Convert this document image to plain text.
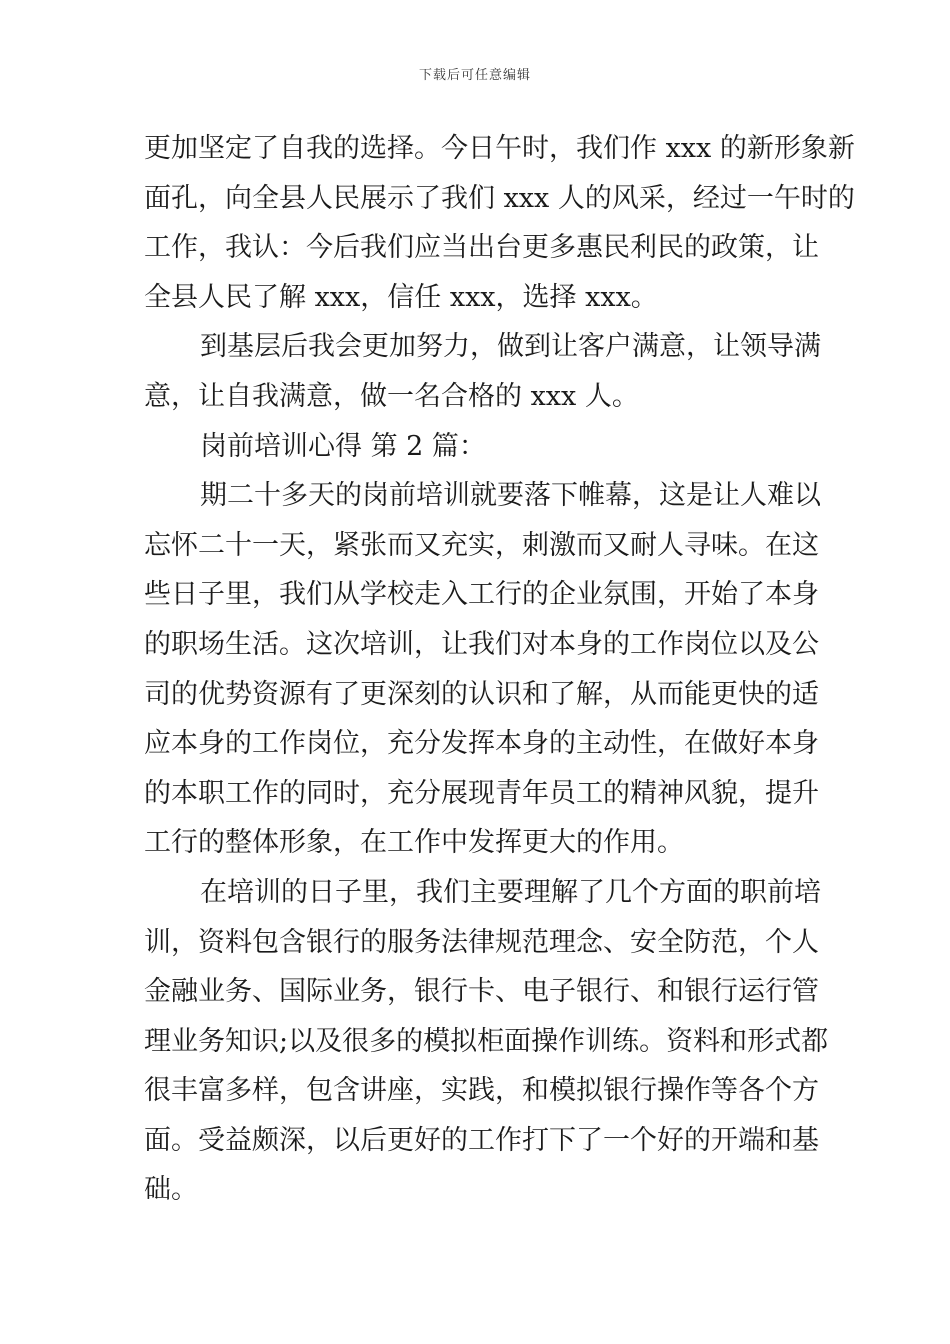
下载后可任意编辑
更加坚定了自我的选择。今日午时，我们作 xxx 的新形象新
面孔，向全县人民展示了我们 xxx 人的风采，经过一午时的
工作，我认：今后我们应当出台更多惠民利民的政策，让
全县人民了解 xxx，信任 xxx，选择 xxx。
到基层后我会更加努力，做到让客户满意，让领导满
意，让自我满意，做一名合格的 xxx 人。
岗前培训心得 第 2 篇：
期二十多天的岗前培训就要落下帷幕，这是让人难以
忘怀二十一天，紧张而又充实，刺激而又耐人寻味。在这
些日子里，我们从学校走入工行的企业氛围，开始了本身
的职场生活。这次培训，让我们对本身的工作岗位以及公
司的优势资源有了更深刻的认识和了解，从而能更快的适
应本身的工作岗位，充分发挥本身的主动性，在做好本身
的本职工作的同时，充分展现青年员工的精神风貌，提升
工行的整体形象，在工作中发挥更大的作用。
在培训的日子里，我们主要理解了几个方面的职前培
训，资料包含银行的服务法律规范理念、安全防范，个人
金融业务、国际业务，银行卡、电子银行、和银行运行管
理业务知识;以及很多的模拟柜面操作训练。资料和形式都
很丰富多样，包含讲座，实践，和模拟银行操作等各个方
面。受益颇深，以后更好的工作打下了一个好的开端和基
础。
